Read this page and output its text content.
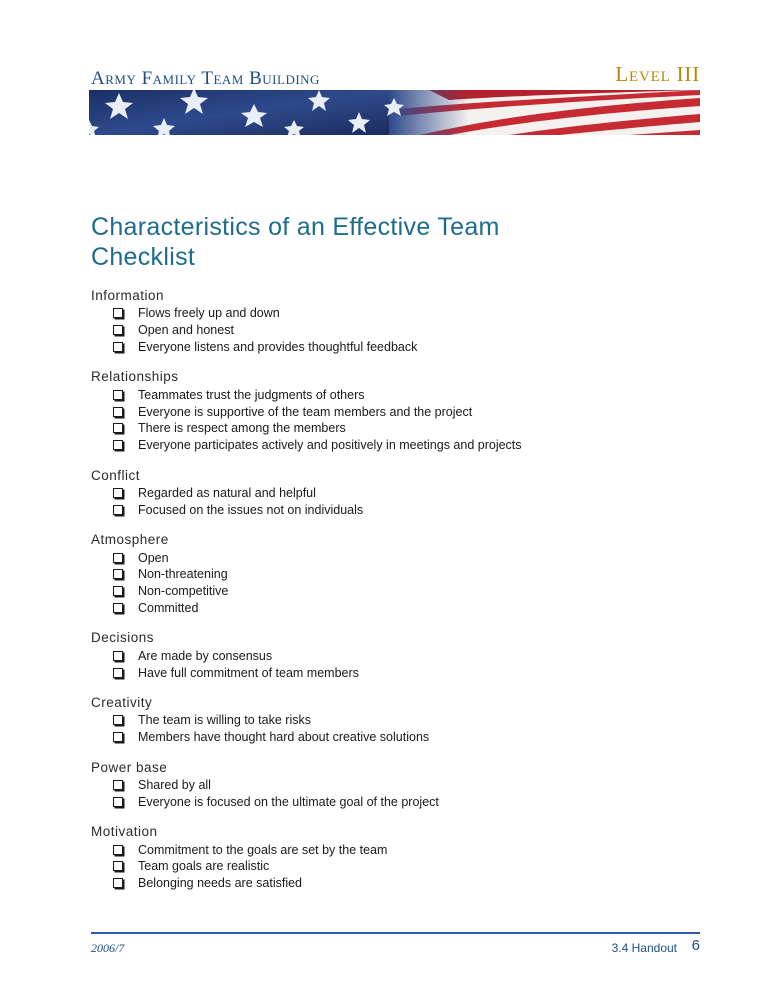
Army Family Team Building	Level III
Characteristics of an Effective Team
Checklist
Information
Flows freely up and down
Open and honest
Everyone listens and provides thoughtful feedback
Relationships
Teammates trust the judgments of others
Everyone is supportive of the team members and the project
There is respect among the members
Everyone participates actively and positively in meetings and projects
Conflict
Regarded as natural and helpful
Focused on the issues not on individuals
Atmosphere
Open
Non-threatening
Non-competitive
Committed
Decisions
Are made by consensus
Have full commitment of team members
Creativity
The team is willing to take risks
Members have thought hard about creative solutions
Power base
Shared by all
Everyone is focused on the ultimate goal of the project
Motivation
Commitment to the goals are set by the team
Team goals are realistic
Belonging needs are satisfied
2006/7	3.4 Handout 6
